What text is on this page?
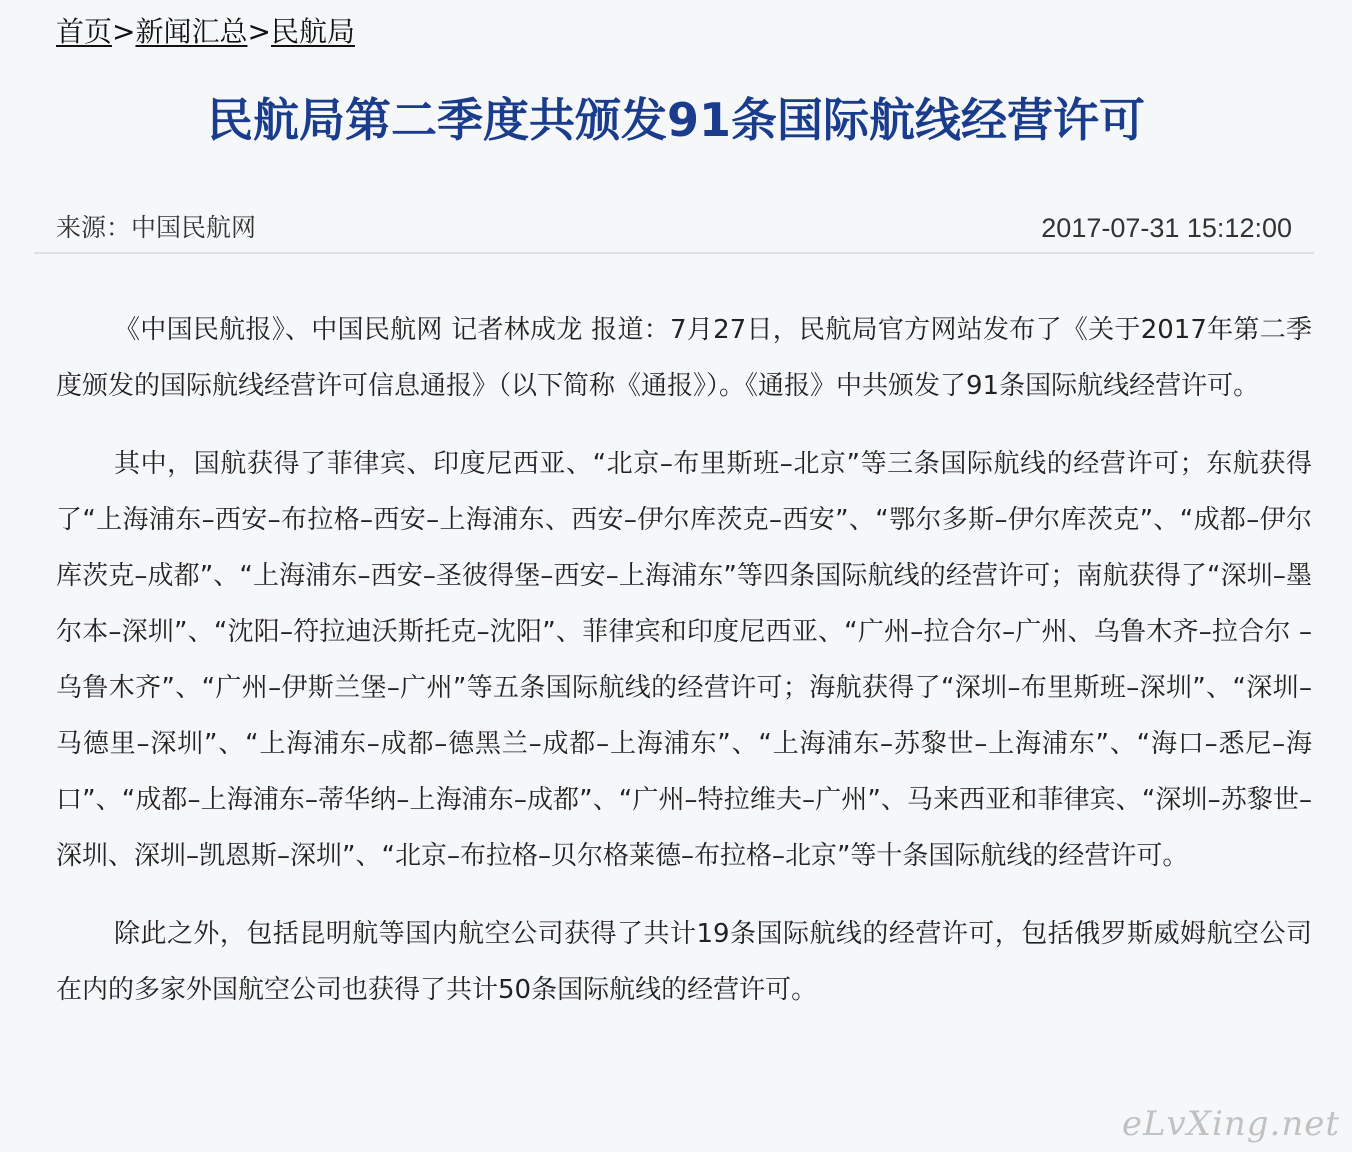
首页>新闻汇总>民航局
民航局第二季度共颁发91条国际航线经营许可
来源：中国民航网	2017-07-31 15:12:00

《中国民航报》、中国民航网 记者林成龙 报道：7月27日，民航局官方网站发布了《关于2017年第二季度颁发的国际航线经营许可信息通报》（以下简称《通报》）。《通报》中共颁发了91条国际航线经营许可。

其中，国航获得了菲律宾、印度尼西亚、“北京–布里斯班–北京”等三条国际航线的经营许可；东航获得了“上海浦东–西安–布拉格–西安–上海浦东、西安–伊尔库茨克–西安”、“鄂尔多斯–伊尔库茨克”、“成都–伊尔库茨克–成都”、“上海浦东–西安–圣彼得堡–西安–上海浦东”等四条国际航线的经营许可；南航获得了“深圳–墨尔本–深圳”、“沈阳–符拉迪沃斯托克–沈阳”、菲律宾和印度尼西亚、“广州–拉合尔–广州、乌鲁木齐–拉合尔 –乌鲁木齐”、“广州–伊斯兰堡–广州”等五条国际航线的经营许可；海航获得了“深圳–布里斯班–深圳”、“深圳–马德里–深圳”、“上海浦东–成都–德黑兰–成都–上海浦东”、“上海浦东–苏黎世–上海浦东”、“海口–悉尼–海口”、“成都–上海浦东–蒂华纳–上海浦东–成都”、“广州–特拉维夫–广州”、马来西亚和菲律宾、“深圳–苏黎世–深圳、深圳–凯恩斯–深圳”、“北京–布拉格–贝尔格莱德–布拉格–北京”等十条国际航线的经营许可。

除此之外，包括昆明航等国内航空公司获得了共计19条国际航线的经营许可，包括俄罗斯威姆航空公司在内的多家外国航空公司也获得了共计50条国际航线的经营许可。

eLvXing.net
